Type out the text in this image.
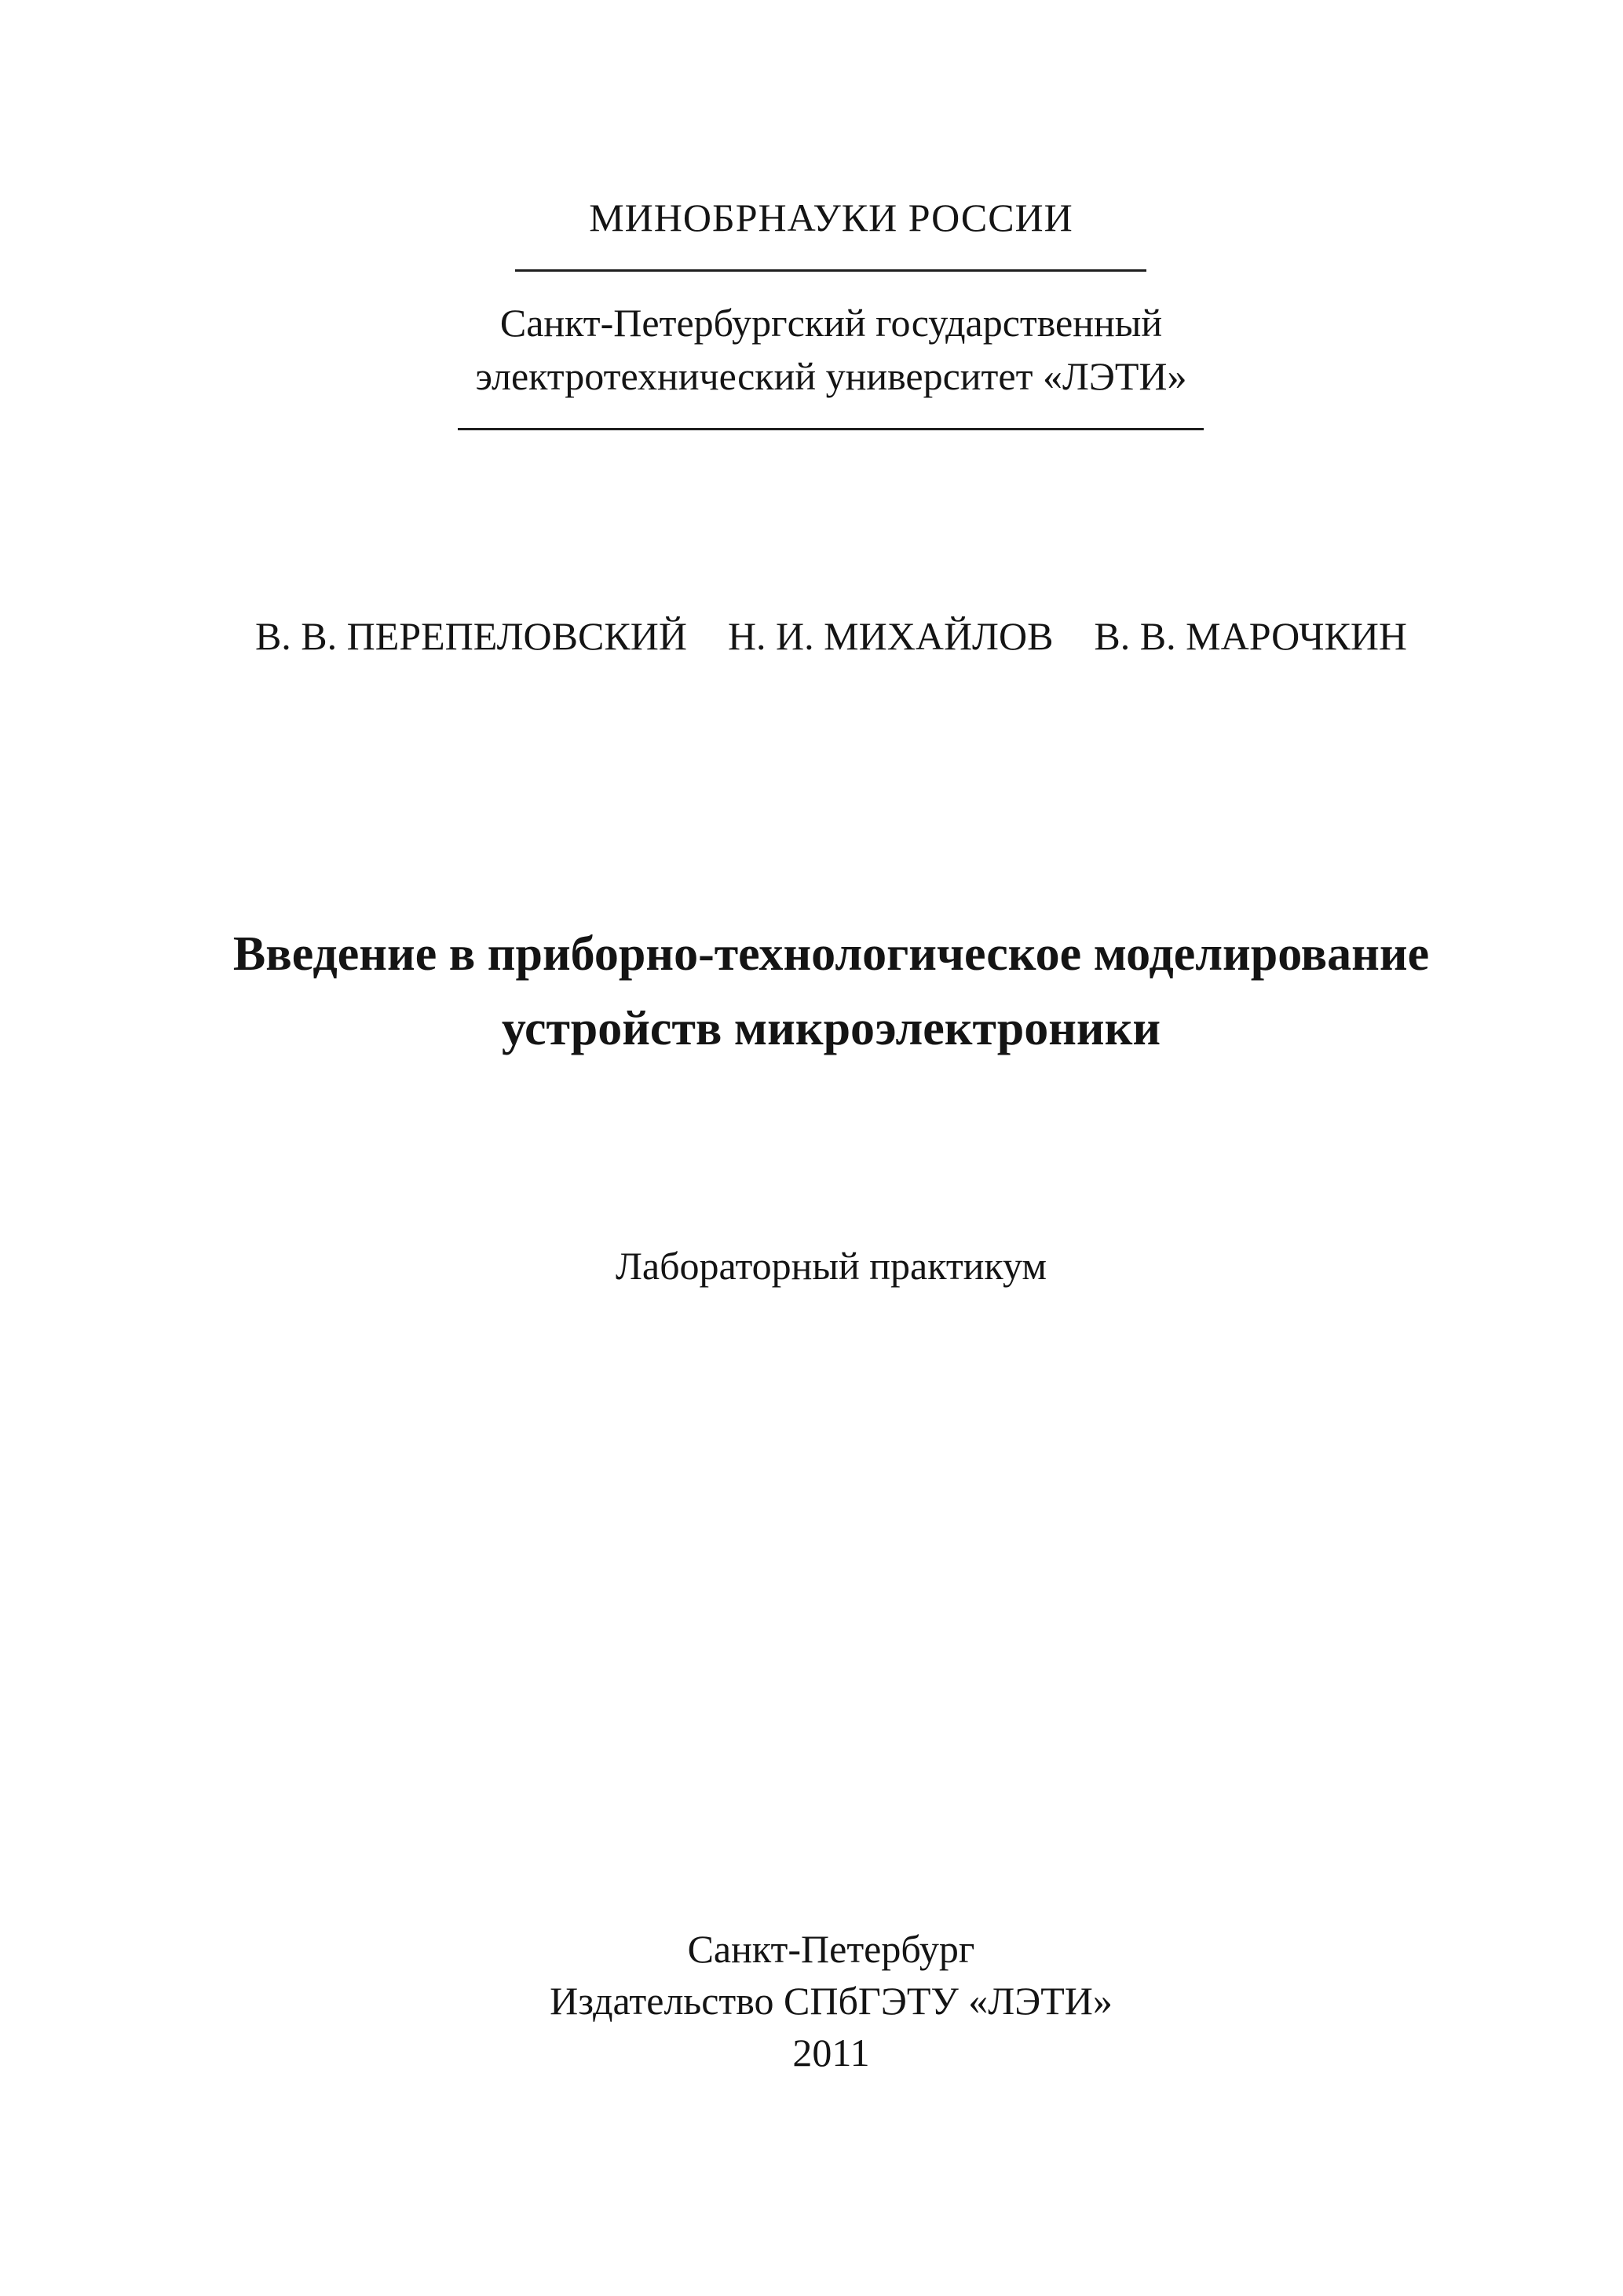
МИНОБРНАУКИ РОССИИ
Санкт-Петербургский государственный
электротехнический университет «ЛЭТИ»
В. В. ПЕРЕПЕЛОВСКИЙ Н. И. МИХАЙЛОВ В. В. МАРОЧКИН
Введение в приборно-технологическое моделирование
устройств микроэлектроники
Лабораторный практикум
Санкт-Петербург
Издательство СПбГЭТУ «ЛЭТИ»
2011
